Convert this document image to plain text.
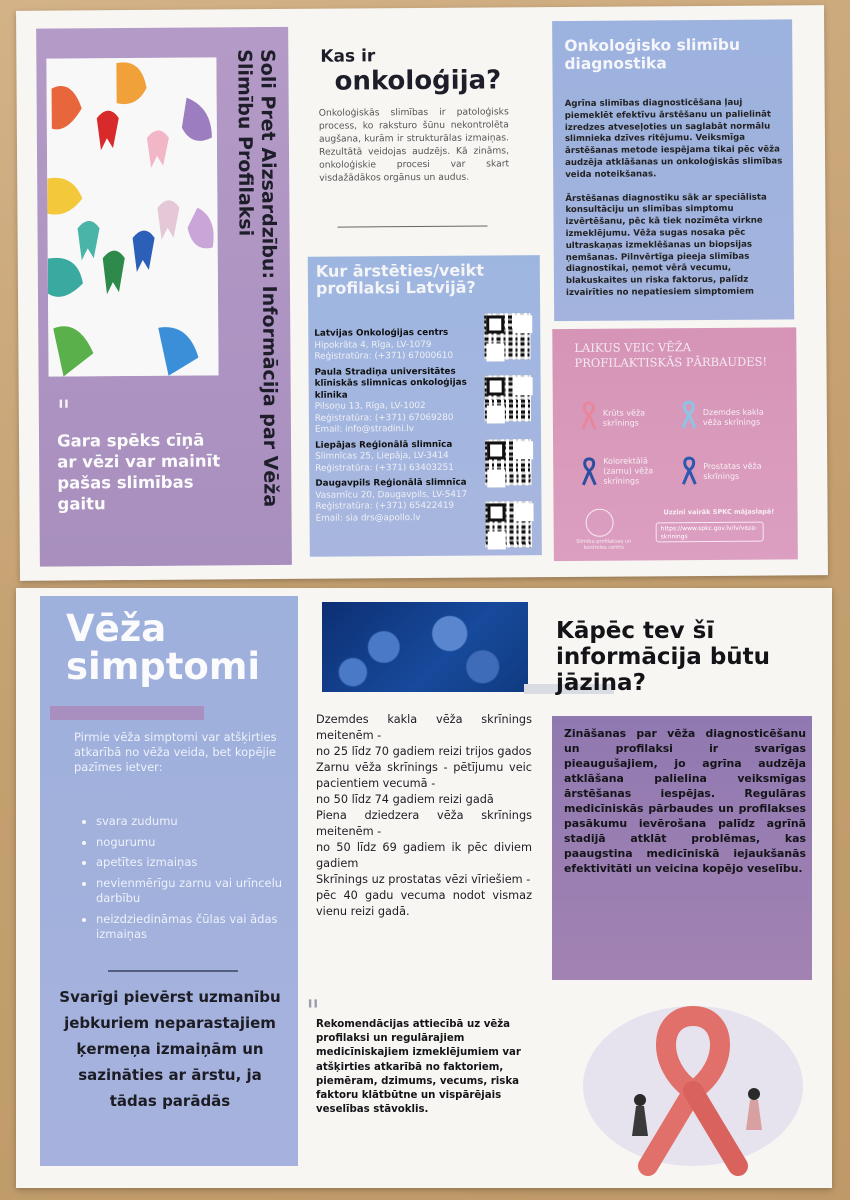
Soli Pret Aizsardzību: Informācija par Vēža Slimību Profilaksi
"
Gara spēks cīņā ar vēzi var mainīt pašas slimības gaitu
Kas ir
onkoloģija?
Onkoloģiskās slimības ir patoloģisks process, ko raksturo šūnu nekontrolēta augšana, kurām ir strukturālas izmaiņas. Rezultātā veidojas audzējs. Kā zināms, onkoloģiskie procesi var skart visdažādākos orgānus un audus.
Kur ārstēties/veikt profilaksi Latvijā?
Latvijas Onkoloģijas centrs
Hipokrāta 4, Rīga, LV-1079
Reģistratūra: (+371) 67000610
Paula Stradiņa universitātes klīniskās slimnīcas onkoloģijas klīnika
Pilsoņu 13, Rīga, LV-1002
Reģistratūra: (+371) 67069280
Email: info@stradini.lv
Liepājas Reģionālā slimnīca
Slimnīcas 25, Liepāja, LV-3414
Reģistratūra: (+371) 63403251
Daugavpils Reģionālā slimnīca
Vasarnīcu 20, Daugavpils, LV-5417
Reģistratūra: (+371) 65422419
Email: sia drs@apollo.lv
Onkoloģisko slimību diagnostika
Agrīna slimības diagnosticēšana ļauj piemeklēt efektīvu ārstēšanu un palielināt izredzes atveseļoties un saglabāt normālu slimnieka dzīves ritējumu. Veiksmīga ārstēšanas metode iespējama tikai pēc vēža audzēja atklāšanas un onkoloģiskās slimības veida noteikšanas.
Ārstēšanas diagnostiku sāk ar speciālista konsultāciju un slimības simptomu izvērtēšanu, pēc kā tiek nozīmēta virkne izmeklējumu. Vēža sugas nosaka pēc ultraskaņas izmeklēšanas un biopsijas ņemšanas. Pilnvērtīga pieeja slimības diagnostikai, ņemot vērā vecumu, blakuskaites un riska faktorus, palīdz izvairīties no nepatiesiem simptomiem
LAIKUS VEIC VĒŽA PROFILAKTISKĀS PĀRBAUDES!
Krūts vēža skrīnings
Dzemdes kakla vēža skrīnings
Kolorektālā (zarnu) vēža skrīnings
Prostatas vēža skrīnings
Slimību profilakses un kontroles centrs
Uzzini vairāk SPKC mājaslapā!
https://www.spkc.gov.lv/lv/veza-skrinings
Vēža simptomi
Pirmie vēža simptomi var atšķirties atkarībā no vēža veida, bet kopējie pazīmes ietver:
• svara zudumu
• nogurumu
• apetītes izmaiņas
• nevienmērīgu zarnu vai urīncelu darbību
• neizdziedināmas čūlas vai ādas izmaiņas
Svarīgi pievērst uzmanību jebkuriem neparastajiem ķermeņa izmaiņām un sazināties ar ārstu, ja tādas parādās

Dzemdes kakla vēža skrīnings meitenēm -

no 25 līdz 70 gadiem reizi trijos gados

Zarnu vēža skrīnings - pētījumu veic pacientiem vecumā -

no 50 līdz 74 gadiem reizi gadā

Piena dziedzera vēža skrīnings meitenēm -

no 50 līdz 69 gadiem ik pēc diviem gadiem

Skrīnings uz prostatas vēzi vīriešiem -

pēc 40 gadu vecuma nodot vismaz vienu reizi gadā.

"
Rekomendācijas attiecībā uz vēža profilaksi un regulārajiem medicīniskajiem izmeklējumiem var atšķirties atkarībā no faktoriem, piemēram, dzimums, vecums, riska faktoru klātbūtne un vispārējais veselības stāvoklis.
Kāpēc tev šī informācija būtu jāzina?
Zināšanas par vēža diagnosticēšanu un profilaksi ir svarīgas pieaugušajiem, jo agrīna audzēja atklāšana palielina veiksmīgas ārstēšanas iespējas. Regulāras medicīniskās pārbaudes un profilakses pasākumu ievērošana palīdz agrīnā stadijā atklāt problēmas, kas paaugstina medicīniskā iejaukšanās efektivitāti un veicina kopējo veselību.
